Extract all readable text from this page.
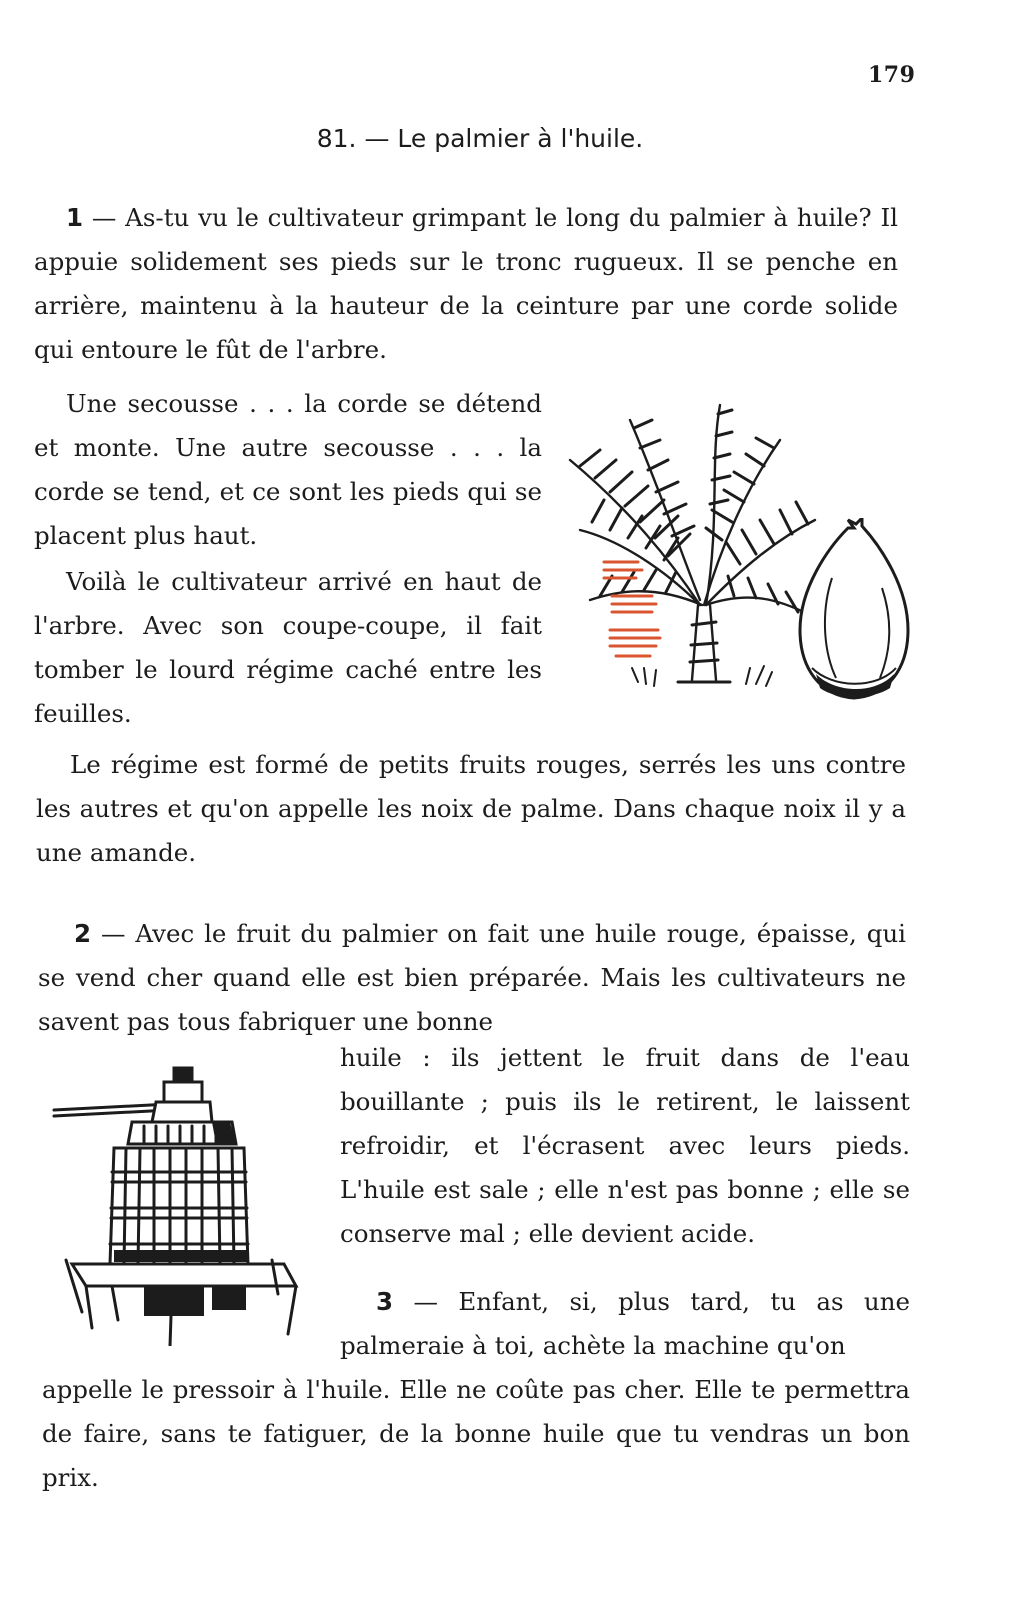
179
81. — Le palmier à l'huile.

1 — As-tu vu le cultivateur grimpant le long du palmier à huile? Il appuie solidement ses pieds sur le tronc rugueux. Il se penche en arrière, maintenu à la hauteur de la ceinture par une corde solide qui entoure le fût de l'arbre.

Une secousse . . . la corde se détend et monte. Une autre secousse . . . la corde se tend, et ce sont les pieds qui se placent plus haut.

Voilà le cultivateur arrivé en haut de l'arbre. Avec son coupe-coupe, il fait tomber le lourd régime caché entre les feuilles.

Le régime est formé de petits fruits rouges, serrés les uns contre les autres et qu'on appelle les noix de palme. Dans chaque noix il y a une amande.

2 — Avec le fruit du palmier on fait une huile rouge, épaisse, qui se vend cher quand elle est bien préparée. Mais les cultivateurs ne savent pas tous fabriquer une bonne

huile : ils jettent le fruit dans de l'eau bouillante ; puis ils le retirent, le laissent refroidir, et l'écrasent avec leurs pieds. L'huile est sale ; elle n'est pas bonne ; elle se conserve mal ; elle devient acide.

3 — Enfant, si, plus tard, tu as une palmeraie à toi, achète la machine qu'on

appelle le pressoir à l'huile. Elle ne coûte pas cher. Elle te permettra de faire, sans te fatiguer, de la bonne huile que tu vendras un bon prix.
